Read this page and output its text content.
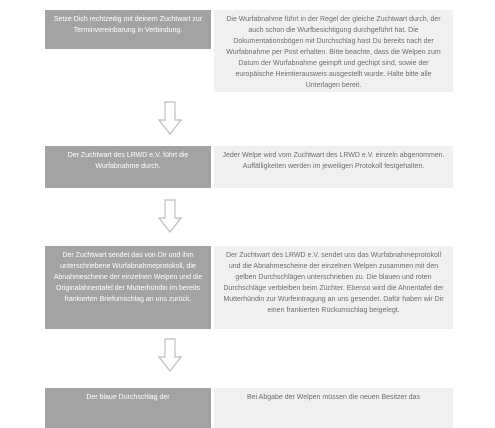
Setze Dich rechtzeitig mit deinem Zuchtwart zur Terminvereinbarung in Verbindung.
Die Wurfabnahme führt in der Regel der gleiche Zuchtwart durch, der auch schon die Wurfbesichtigung durchgeführt hat. Die Dokumentationsbögen mit Durchschlag hast Du bereits nach der Wurfabnahme per Post erhalten. Bitte beachte, dass die Welpen zum Datum der Wurfabnahme geimpft und gechipt sind, sowie der europäische Heimtierausweis ausgestellt wurde. Halte bitte alle Unterlagen bereit.
Der Zuchtwart des LRWD e.V. führt die Wurfabnahme durch.
Jeder Welpe wird vom Zuchtwart des LRWD e.V. einzeln abgenommen. Auffälligkeiten werden im jeweiligen Protokoll festgehalten.
Der Zuchtwart sendet das von Dir und ihm unterschriebene Wurfabnahmeprotokoll, die Abnahmescheine der einzelnen Welpen und die Originalahnentafel der Mutterhündin im bereits frankierten Briefumschlag an uns zurück.
Der Zuchtwart des LRWD e.V. sendet uns das Wurfabnahmeprotokoll und die Abnahmescheine der einzelnen Welpen zusammen mit den gelben Durchschlägen unterschrieben zu. Die blauen und roten Durchschläge verbleiben beim Züchter. Ebenso wird die Ahnentafel der Mutterhündin zur Wurfeintragung an uns gesendet. Dafür haben wir Dir einen frankierten Rückumschlag beigelegt.
Der blaue Durchschlag der	Bei Abgabe der Welpen müssen die neuen Besitzer das
